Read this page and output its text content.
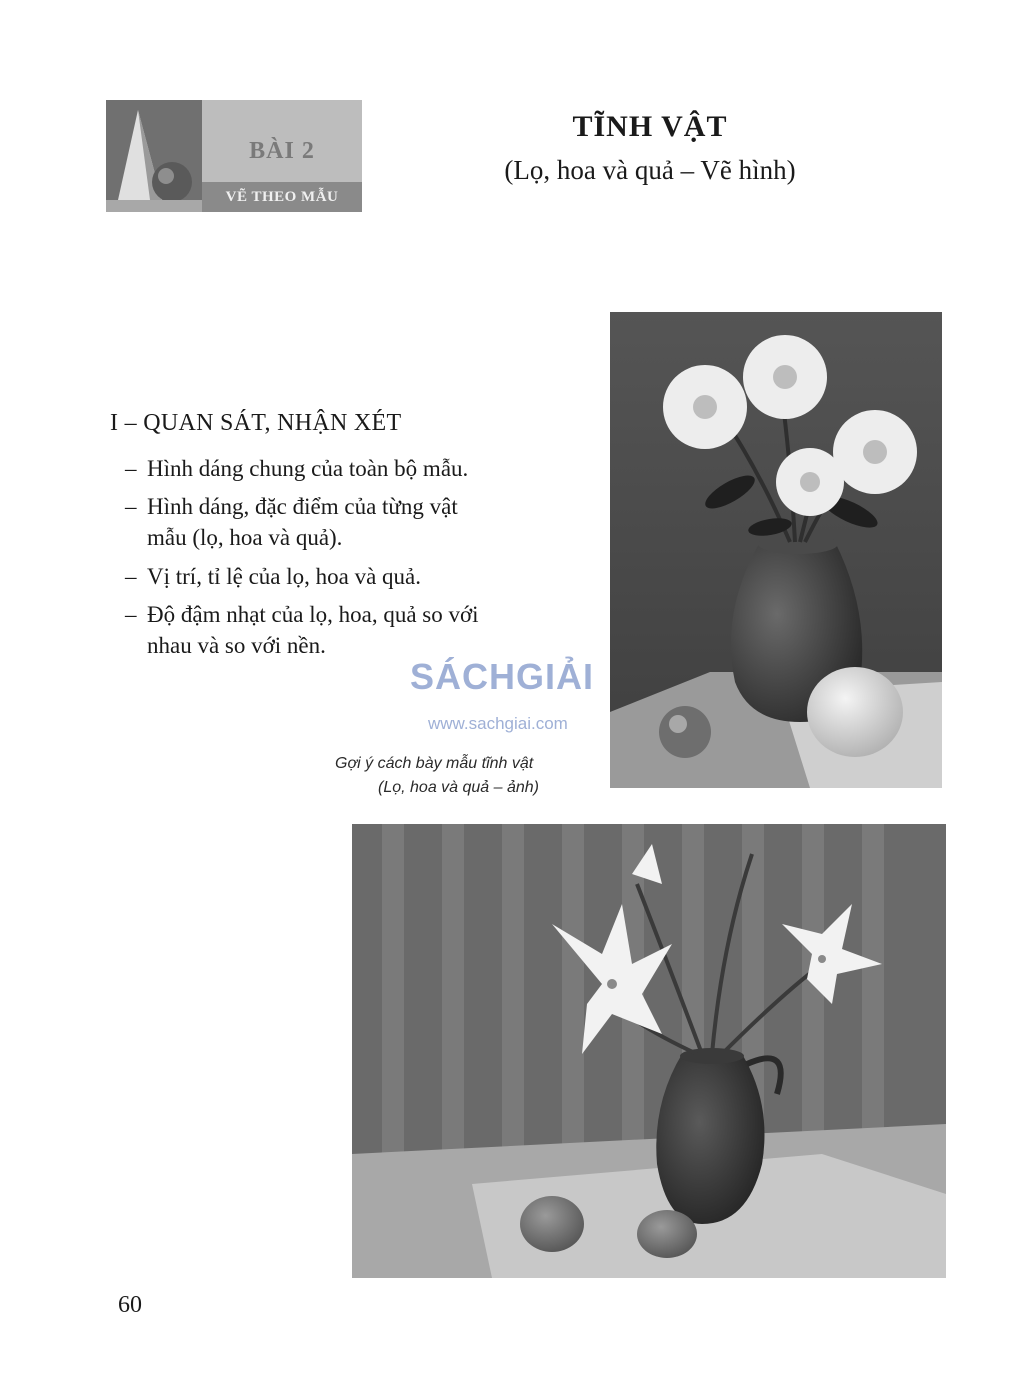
BÀI 2
VẼ THEO MẪU
TĨNH VẬT
(Lọ, hoa và quả – Vẽ hình)
I – QUAN SÁT, NHẬN XÉT
– Hình dáng chung của toàn bộ mẫu.
– Hình dáng, đặc điểm của từng vật mẫu (lọ, hoa và quả).
– Vị trí, tỉ lệ của lọ, hoa và quả.
– Độ đậm nhạt của lọ, hoa, quả so với nhau và so với nền.
SÁCHGIẢI
www.sachgiai.com
Gợi ý cách bày mẫu tĩnh vật
(Lọ, hoa và quả – ảnh)
60
